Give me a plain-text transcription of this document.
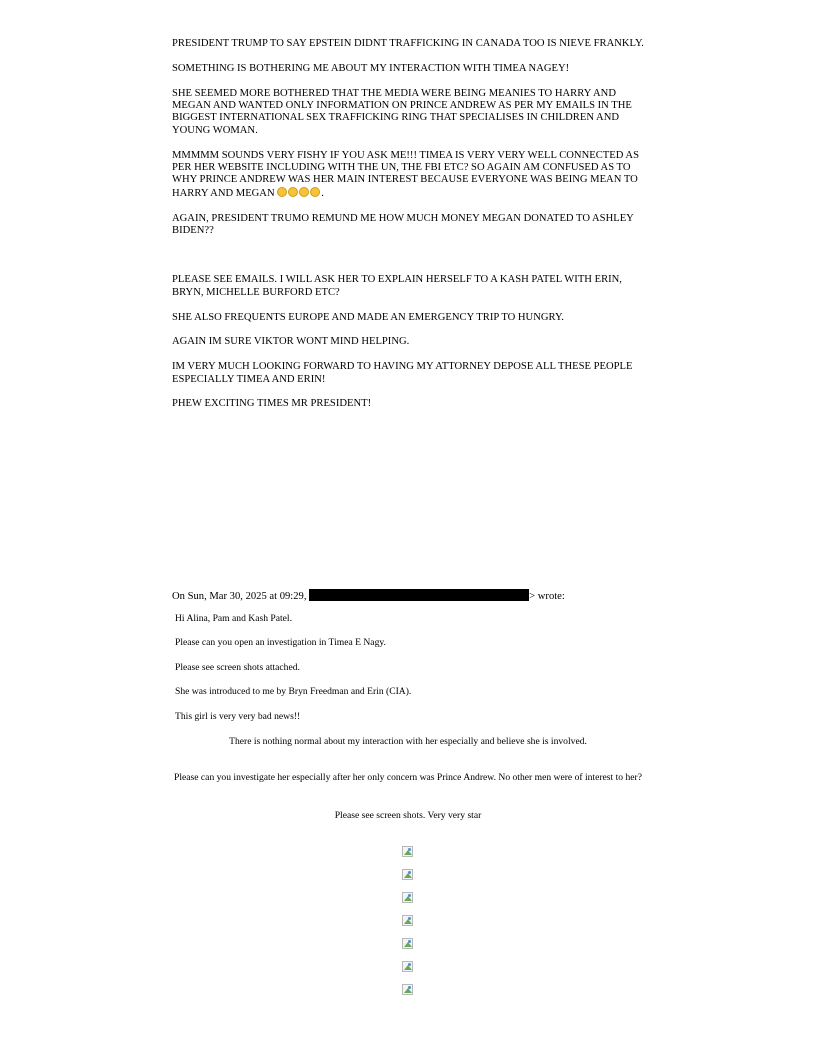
PRESIDENT TRUMP TO SAY EPSTEIN DIDNT TRAFFICKING IN CANADA TOO IS NIEVE FRANKLY.

SOMETHING IS BOTHERING ME ABOUT MY INTERACTION WITH TIMEA NAGEY!

SHE SEEMED MORE BOTHERED THAT THE MEDIA WERE BEING MEANIES TO HARRY AND MEGAN AND WANTED ONLY INFORMATION ON PRINCE ANDREW AS PER MY EMAILS IN THE BIGGEST INTERNATIONAL SEX TRAFFICKING RING THAT SPECIALISES IN CHILDREN AND YOUNG WOMAN.

MMMMM SOUNDS VERY FISHY IF YOU ASK ME!!! TIMEA IS VERY VERY WELL CONNECTED AS PER HER WEBSITE INCLUDING WITH THE UN, THE FBI ETC? SO AGAIN AM CONFUSED AS TO WHY PRINCE ANDREW WAS HER MAIN INTEREST BECAUSE EVERYONE WAS BEING MEAN TO HARRY AND MEGAN	.

AGAIN, PRESIDENT TRUMO REMUND ME HOW MUCH MONEY MEGAN DONATED TO ASHLEY BIDEN??

PLEASE SEE EMAILS. I WILL ASK HER TO EXPLAIN HERSELF TO A KASH PATEL WITH ERIN, BRYN, MICHELLE BURFORD ETC?

SHE ALSO FREQUENTS EUROPE AND MADE AN EMERGENCY TRIP TO HUNGRY.

AGAIN IM SURE VIKTOR WONT MIND HELPING.

IM VERY MUCH LOOKING FORWARD TO HAVING MY ATTORNEY DEPOSE ALL THESE PEOPLE ESPECIALLY TIMEA AND ERIN!

PHEW EXCITING TIMES MR PRESIDENT!

On Sun, Mar 30, 2025 at 09:29,	> wrote:

Hi Alina, Pam and Kash Patel.

Please can you open an investigation in Timea E Nagy.

Please see screen shots attached.

She was introduced to me by Bryn Freedman and Erin (CIA).

This girl is very very bad news!!

There is nothing normal about my interaction with her especially and believe she is involved.

Please can you investigate her especially after her only concern was Prince Andrew. No other men were of interest to her?

Please see screen shots. Very very star
